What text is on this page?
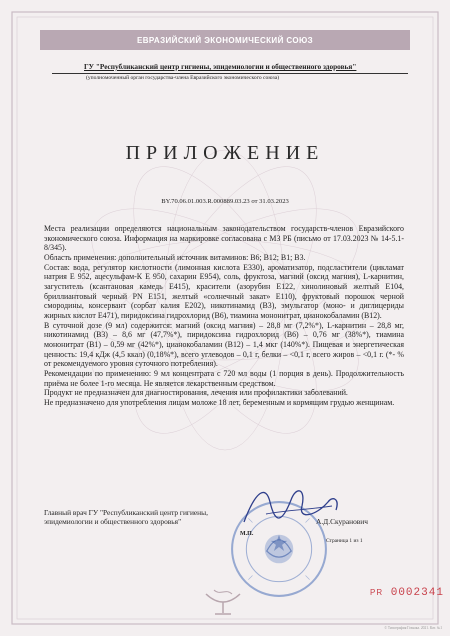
ЕВРАЗИЙСКИЙ ЭКОНОМИЧЕСКИЙ СОЮЗ
ГУ "Республиканский центр гигиены, эпидемиологии и общественного здоровья"
(уполномоченный орган государства-члена Евразийского экономического союза)
ПРИЛОЖЕНИЕ
BY.70.06.01.003.R.000889.03.23 от 31.03.2023

Места реализации определяются национальным законодательством государств-членов Евразийского экономического союза. Информация на маркировке согласована с МЗ РБ (письмо от 17.03.2023 № 14-5.1-8/345).

Область применения: дополнительный источник витаминов: В6; В12; В1; В3.

Состав: вода, регулятор кислотности (лимонная кислота Е330), ароматизатор, подсластители (цикламат натрия Е 952, ацесульфам-К Е 950, сахарин Е954), соль, фруктоза, магний (оксид магния), L-карнитин, загуститель (ксантановая камедь Е415), красители (азорубин Е122, хинолиновый желтый Е104, бриллиантовый черный PN Е151, желтый «солнечный закат» Е110), фруктовый порошок черной смородины, консервант (сорбат калия Е202), никотинамид (В3), эмульгатор (моно- и диглицериды жирных кислот Е471), пиридоксина гидрохлорид (В6), тиамина мононитрат, цианокобаламин (В12).

В суточной дозе (9 мл) содержится: магний (оксид магния) – 28,8 мг (7,2%*), L-карнитин – 28,8 мг, никотинамид (В3) – 8,6 мг (47,7%*), пиридоксина гидрохлорид (В6) – 0,76 мг (38%*), тиамина мононитрат (В1) – 0,59 мг (42%*), цианокобаламин (В12) – 1,4 мкг (140%*). Пищевая и энергетическая ценность: 19,4 кДж (4,5 ккал) (0,18%*), всего углеводов – 0,1 г, белки – <0,1 г, всего жиров – <0,1 г. (*- % от рекомендуемого уровня суточного потребления).

Рекомендации по применению: 9 мл концентрата с 720 мл воды (1 порция в день). Продолжительность приёма не более 1-го месяца. Не является лекарственным средством.

Продукт не предназначен для диагностирования, лечения или профилактики заболеваний.

Не предназначено для употребления лицам моложе 18 лет, беременным и кормящим грудью женщинам.

Главный врач ГУ "Республиканский центр гигиены, эпидемиологии и общественного здоровья"	А.Д.Скуранович
М.П.
Страница 1 из 1
PR 0002341
© Типография Гознака. 2021. Кат. №1
